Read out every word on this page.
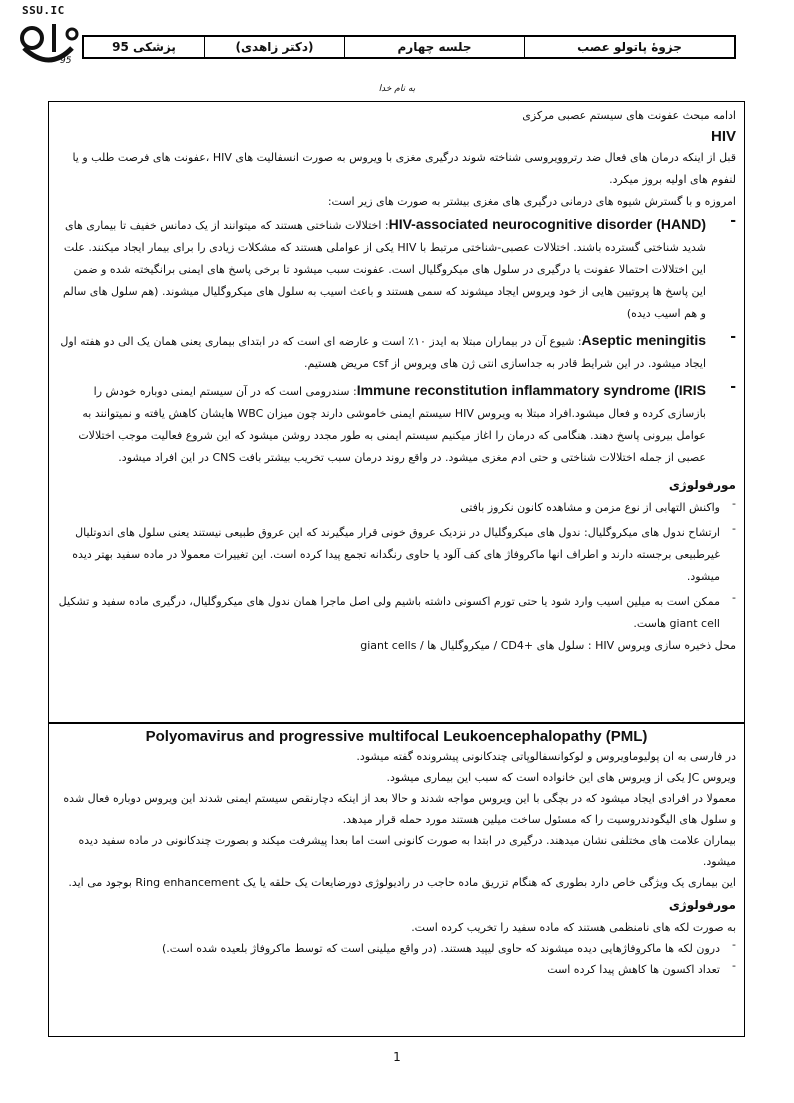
SSU.IC
95
جزوهٔ پاتولو عصب
جلسه چهارم
(دکتر زاهدی)
پزشکی 95
به نام خدا

ادامه مبحث عفونت های سیستم عصبی مرکزی

HIV

قبل از اینکه درمان های فعال ضد رتروویروسی شناخته شوند درگیری مغزی با ویروس به صورت انسفالیت های HIV ،عفونت های فرصت طلب و یا لنفوم های اولیه بروز میکرد.

امروزه و با گسترش شیوه های درمانی درگیری های مغزی بیشتر به صورت های زیر است:

-

HIV-associated neurocognitive disorder (HAND): اختلالات شناختی هستند که میتوانند از یک دمانس خفیف تا بیماری های شدید شناختی گسترده باشند. اختلالات عصبی-شناختی مرتبط با HIV یکی از عواملی هستند که مشکلات زیادی را برای بیمار ایجاد میکنند. علت این اختلالات احتمالا عفونت یا درگیری در سلول های میکروگلیال است. عفونت سبب میشود تا برخی پاسخ های ایمنی برانگیخته شده و ضمن این پاسخ ها پروتیین هایی از خود ویروس ایجاد میشوند که سمی هستند و باعث اسیب به سلول های میکروگلیال میشوند. (هم سلول های سالم و هم اسیب دیده)

-

Aseptic meningitis: شیوع آن در بیماران مبتلا به ایدز ١٠٪ است و عارضه ای است که در ابتدای بیماری یعنی همان یک الی دو هفته اول ایجاد میشود. در این شرایط قادر به جداسازی انتی ژن های ویروس از csf مریض هستیم.

-

Immune reconstitution inflammatory syndrome (IRIS: سندرومی است که در آن سیستم ایمنی دوباره خودش را بازسازی کرده و فعال میشود.افراد مبتلا به ویروس HIV سیستم ایمنی خاموشی دارند چون میزان WBC هایشان کاهش یافته و نمیتوانند به عوامل بیرونی پاسخ دهند. هنگامی که درمان را اغاز میکنیم سیستم ایمنی به طور مجدد روشن میشود که این شروع فعالیت موجب اختلالات عصبی از جمله اختلالات شناختی و حتی ادم مغزی میشود. در واقع روند درمان سبب تخریب بیشتر بافت CNS در این افراد میشود.

مورفولوژی
-

واکنش التهابی از نوع مزمن و مشاهده کانون نکروز بافتی

-

ارتشاح ندول های میکروگلیال: ندول های میکروگلیال در نزدیک عروق خونی قرار میگیرند که این عروق طبیعی نیستند یعنی سلول های اندوتلیال غیرطبیعی برجسته دارند و اطراف انها ماکروفاژ های کف آلود یا حاوی رنگدانه تجمع پیدا کرده است. این تغییرات معمولا در ماده سفید بهتر دیده میشود.

-

ممکن است به میلین اسیب وارد شود یا حتی تورم اکسونی داشته باشیم ولی اصل ماجرا همان ندول های میکروگلیال، درگیری ماده سفید و تشکیل giant cell هاست.

محل ذخیره سازی ویروس HIV : سلول های +CD4 / میکروگلیال ها / giant cells

Polyomavirus and progressive multifocal Leukoencephalopathy (PML)

در فارسی به ان پولیوماویروس و لوکوانسفالوپاتی چندکانونی پیشرونده گفته میشود.

ویروس JC یکی از ویروس های این خانواده است که سبب این بیماری میشود.

معمولا در افرادی ایجاد میشود که در بچگی با این ویروس مواجه شدند و حالا بعد از اینکه دچارنقص سیستم ایمنی شدند این ویروس دوباره فعال شده و سلول های الیگودندروسیت را که مسئول ساخت میلین هستند مورد حمله قرار میدهد.

بیماران علامت های مختلفی نشان میدهند. درگیری در ابتدا به صورت کانونی است اما بعدا پیشرفت میکند و بصورت چندکانونی در ماده سفید دیده میشود.

این بیماری یک ویژگی خاص دارد بطوری که هنگام تزریق ماده حاجب در رادیولوژی دورضایعات یک حلقه یا یک Ring enhancement بوجود می اید.

مورفولوژی

به صورت لکه های نامنظمی هستند که ماده سفید را تخریب کرده است.

-

درون لکه ها ماکروفاژهایی دیده میشوند که حاوی لیپید هستند. (در واقع میلینی است که توسط ماکروفاژ بلعیده شده است.)

-

تعداد اکسون ها کاهش پیدا کرده است

1
